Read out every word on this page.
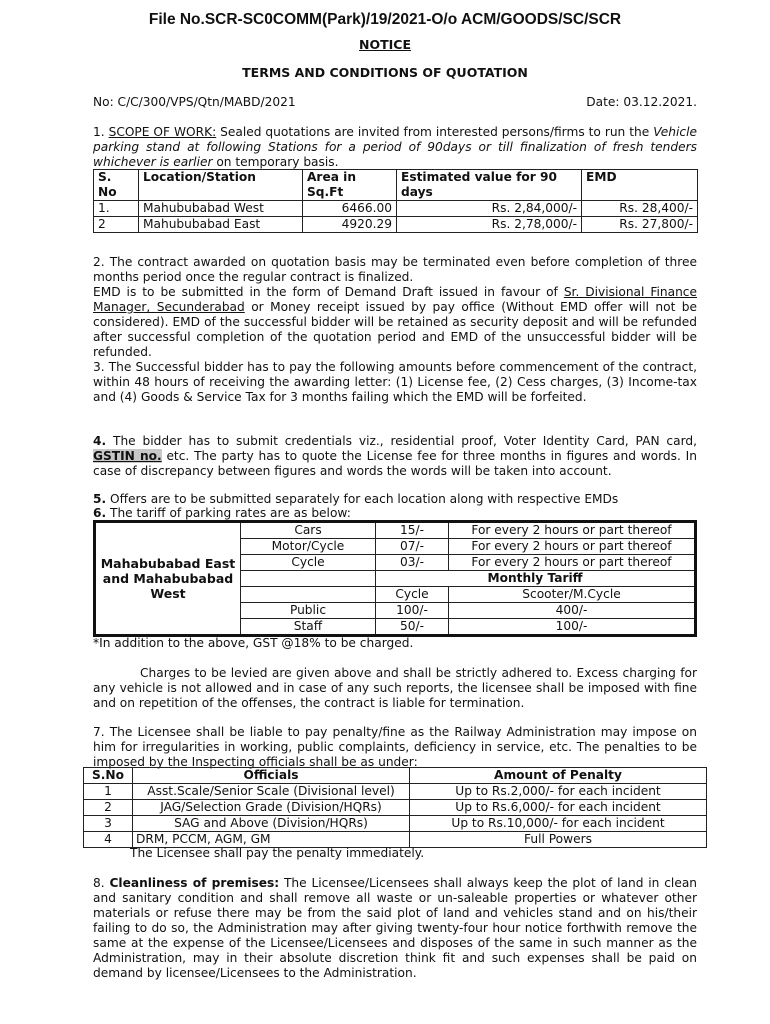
File No.SCR-SC0COMM(Park)/19/2021-O/o ACM/GOODS/SC/SCR

NOTICE

TERMS AND CONDITIONS OF QUOTATION

No: C/C/300/VPS/Qtn/MABD/2021	Date: 03.12.2021.

1. SCOPE OF WORK: Sealed quotations are invited from interested persons/firms to run the Vehicle parking stand at following Stations for a period of 90days or till finalization of fresh tenders whichever is earlier on temporary basis.

S. No	Location/Station	Area in Sq.Ft	Estimated value for 90 days	EMD
1.	Mahububabad West	6466.00	Rs. 2,84,000/-	Rs. 28,400/-
2	Mahububabad East	4920.29	Rs. 2,78,000/-	Rs. 27,800/-

2. The contract awarded on quotation basis may be terminated even before completion of three months period once the regular contract is finalized.

EMD is to be submitted in the form of Demand Draft issued in favour of Sr. Divisional Finance Manager, Secunderabad or Money receipt issued by pay office (Without EMD offer will not be considered). EMD of the successful bidder will be retained as security deposit and will be refunded after successful completion of the quotation period and EMD of the unsuccessful bidder will be refunded.

3. The Successful bidder has to pay the following amounts before commencement of the contract, within 48 hours of receiving the awarding letter: (1) License fee, (2) Cess charges, (3) Income-tax and (4) Goods & Service Tax for 3 months failing which the EMD will be forfeited.

4. The bidder has to submit credentials viz., residential proof, Voter Identity Card, PAN card, GSTIN no. etc. The party has to quote the License fee for three months in figures and words. In case of discrepancy between figures and words the words will be taken into account.

5. Offers are to be submitted separately for each location along with respective EMDs

6. The tariff of parking rates are as below:

Mahabubabad East and Mahabubabad West	Cars	15/-	For every 2 hours or part thereof
	Motor/Cycle	07/-	For every 2 hours or part thereof
	Cycle	03/-	For every 2 hours or part thereof
		Monthly Tariff	
		Cycle	Scooter/M.Cycle
	Public	100/-	400/-
	Staff	50/-	100/-

*In addition to the above, GST @18% to be charged.

Charges to be levied are given above and shall be strictly adhered to. Excess charging for any vehicle is not allowed and in case of any such reports, the licensee shall be imposed with fine and on repetition of the offenses, the contract is liable for termination.

7. The Licensee shall be liable to pay penalty/fine as the Railway Administration may impose on him for irregularities in working, public complaints, deficiency in service, etc. The penalties to be imposed by the Inspecting officials shall be as under:

S.No	Officials	Amount of Penalty
1	Asst.Scale/Senior Scale (Divisional level)	Up to Rs.2,000/- for each incident
2	JAG/Selection Grade (Division/HQRs)	Up to Rs.6,000/- for each incident
3	SAG and Above (Division/HQRs)	Up to Rs.10,000/- for each incident
4	DRM, PCCM, AGM, GM	Full Powers

The Licensee shall pay the penalty immediately.

8. Cleanliness of premises: The Licensee/Licensees shall always keep the plot of land in clean and sanitary condition and shall remove all waste or un-saleable properties or whatever other materials or refuse there may be from the said plot of land and vehicles stand and on his/their failing to do so, the Administration may after giving twenty-four hour notice forthwith remove the same at the expense of the Licensee/Licensees and disposes of the same in such manner as the Administration, may in their absolute discretion think fit and such expenses shall be paid on demand by licensee/Licensees to the Administration.
